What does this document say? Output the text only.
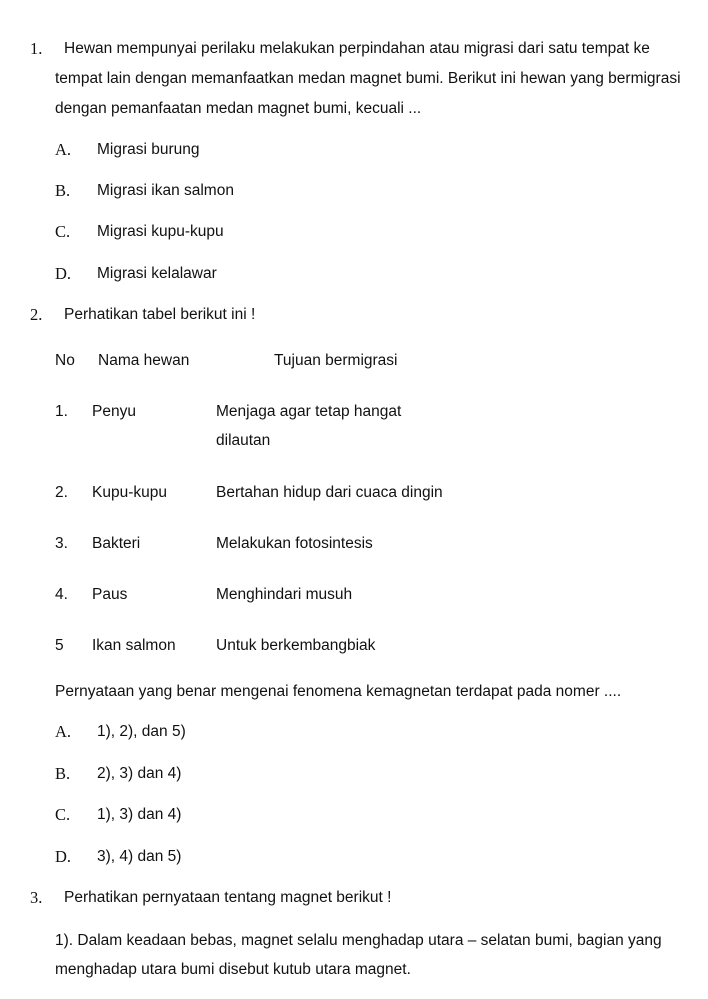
1. Hewan mempunyai perilaku melakukan perpindahan atau migrasi dari satu tempat ke
tempat lain dengan memanfaatkan medan magnet bumi. Berikut ini hewan yang bermigrasi
dengan pemanfaatan medan magnet bumi, kecuali ...
A. Migrasi burung
B. Migrasi ikan salmon
C. Migrasi kupu-kupu
D. Migrasi kelalawar
2. Perhatikan tabel berikut ini !
No Nama hewan	Tujuan bermigrasi
1. Penyu	Menjaga agar tetap hangat
dilautan
2. Kupu-kupu	Bertahan hidup dari cuaca dingin
3. Bakteri	Melakukan fotosintesis
4. Paus	Menghindari musuh
5 Ikan salmon	Untuk berkembangbiak
Pernyataan yang benar mengenai fenomena kemagnetan terdapat pada nomer ....
A. 1), 2), dan 5)
B. 2), 3) dan 4)
C. 1), 3) dan 4)
D. 3), 4) dan 5)
3. Perhatikan pernyataan tentang magnet berikut !
1). Dalam keadaan bebas, magnet selalu menghadap utara – selatan bumi, bagian yang
menghadap utara bumi disebut kutub utara magnet.
